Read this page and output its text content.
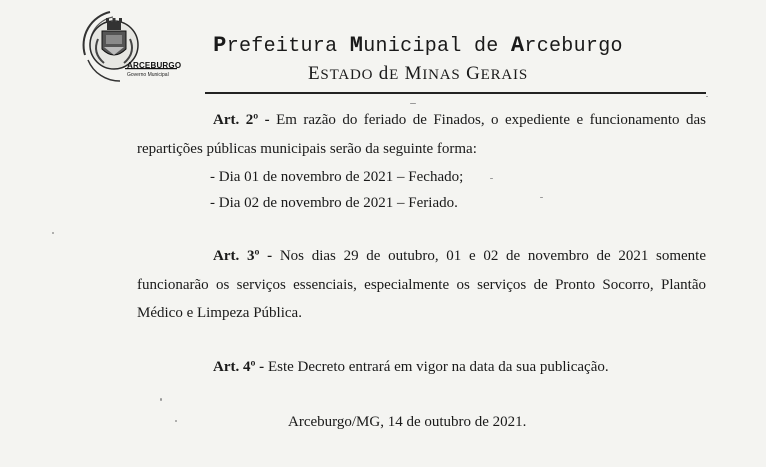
ARCEBURGO
Governo Municipal
Prefeitura Municipal de Arceburgo
ESTADO dE MINAS GERAIS
Art. 2º - Em razão do feriado de Finados, o expediente e funcionamento das
repartições públicas municipais serão da seguinte forma:
- Dia 01 de novembro de 2021 – Fechado;
- Dia 02 de novembro de 2021 – Feriado.
Art. 3º - Nos dias 29 de outubro, 01 e 02 de novembro de 2021 somente
funcionarão os serviços essenciais, especialmente os serviços de Pronto Socorro, Plantão
Médico e Limpeza Pública.
Art. 4º - Este Decreto entrará em vigor na data da sua publicação.
Arceburgo/MG, 14 de outubro de 2021.
